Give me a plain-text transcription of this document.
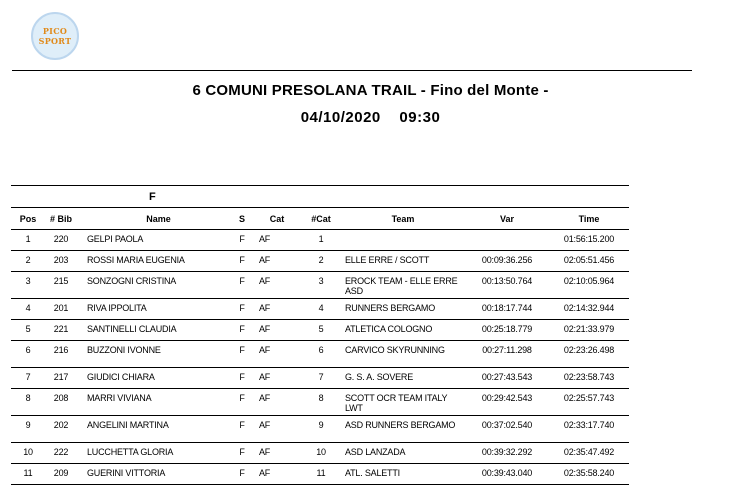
PICO
SPORT
6 COMUNI PRESOLANA TRAIL - Fino del Monte -
04/10/2020 09:30
		F						
Pos	# Bib	Name	S	Cat	#Cat	Team	Var	Time
1	220	GELPI PAOLA	F	AF	1			01:56:15.200
2	203	ROSSI MARIA EUGENIA	F	AF	2	ELLE ERRE / SCOTT	00:09:36.256	02:05:51.456
3	215	SONZOGNI CRISTINA	F	AF	3	EROCK TEAM - ELLE ERRE ASD	00:13:50.764	02:10:05.964
4	201	RIVA IPPOLITA	F	AF	4	RUNNERS BERGAMO	00:18:17.744	02:14:32.944
5	221	SANTINELLI CLAUDIA	F	AF	5	ATLETICA COLOGNO	00:25:18.779	02:21:33.979
6	216	BUZZONI IVONNE	F	AF	6	CARVICO SKYRUNNING	00:27:11.298	02:23:26.498
7	217	GIUDICI CHIARA	F	AF	7	G. S. A. SOVERE	00:27:43.543	02:23:58.743
8	208	MARRI VIVIANA	F	AF	8	SCOTT OCR TEAM ITALY LWT	00:29:42.543	02:25:57.743
9	202	ANGELINI MARTINA	F	AF	9	ASD RUNNERS BERGAMO	00:37:02.540	02:33:17.740
10	222	LUCCHETTA GLORIA	F	AF	10	ASD LANZADA	00:39:32.292	02:35:47.492
11	209	GUERINI VITTORIA	F	AF	11	ATL. SALETTI	00:39:43.040	02:35:58.240
